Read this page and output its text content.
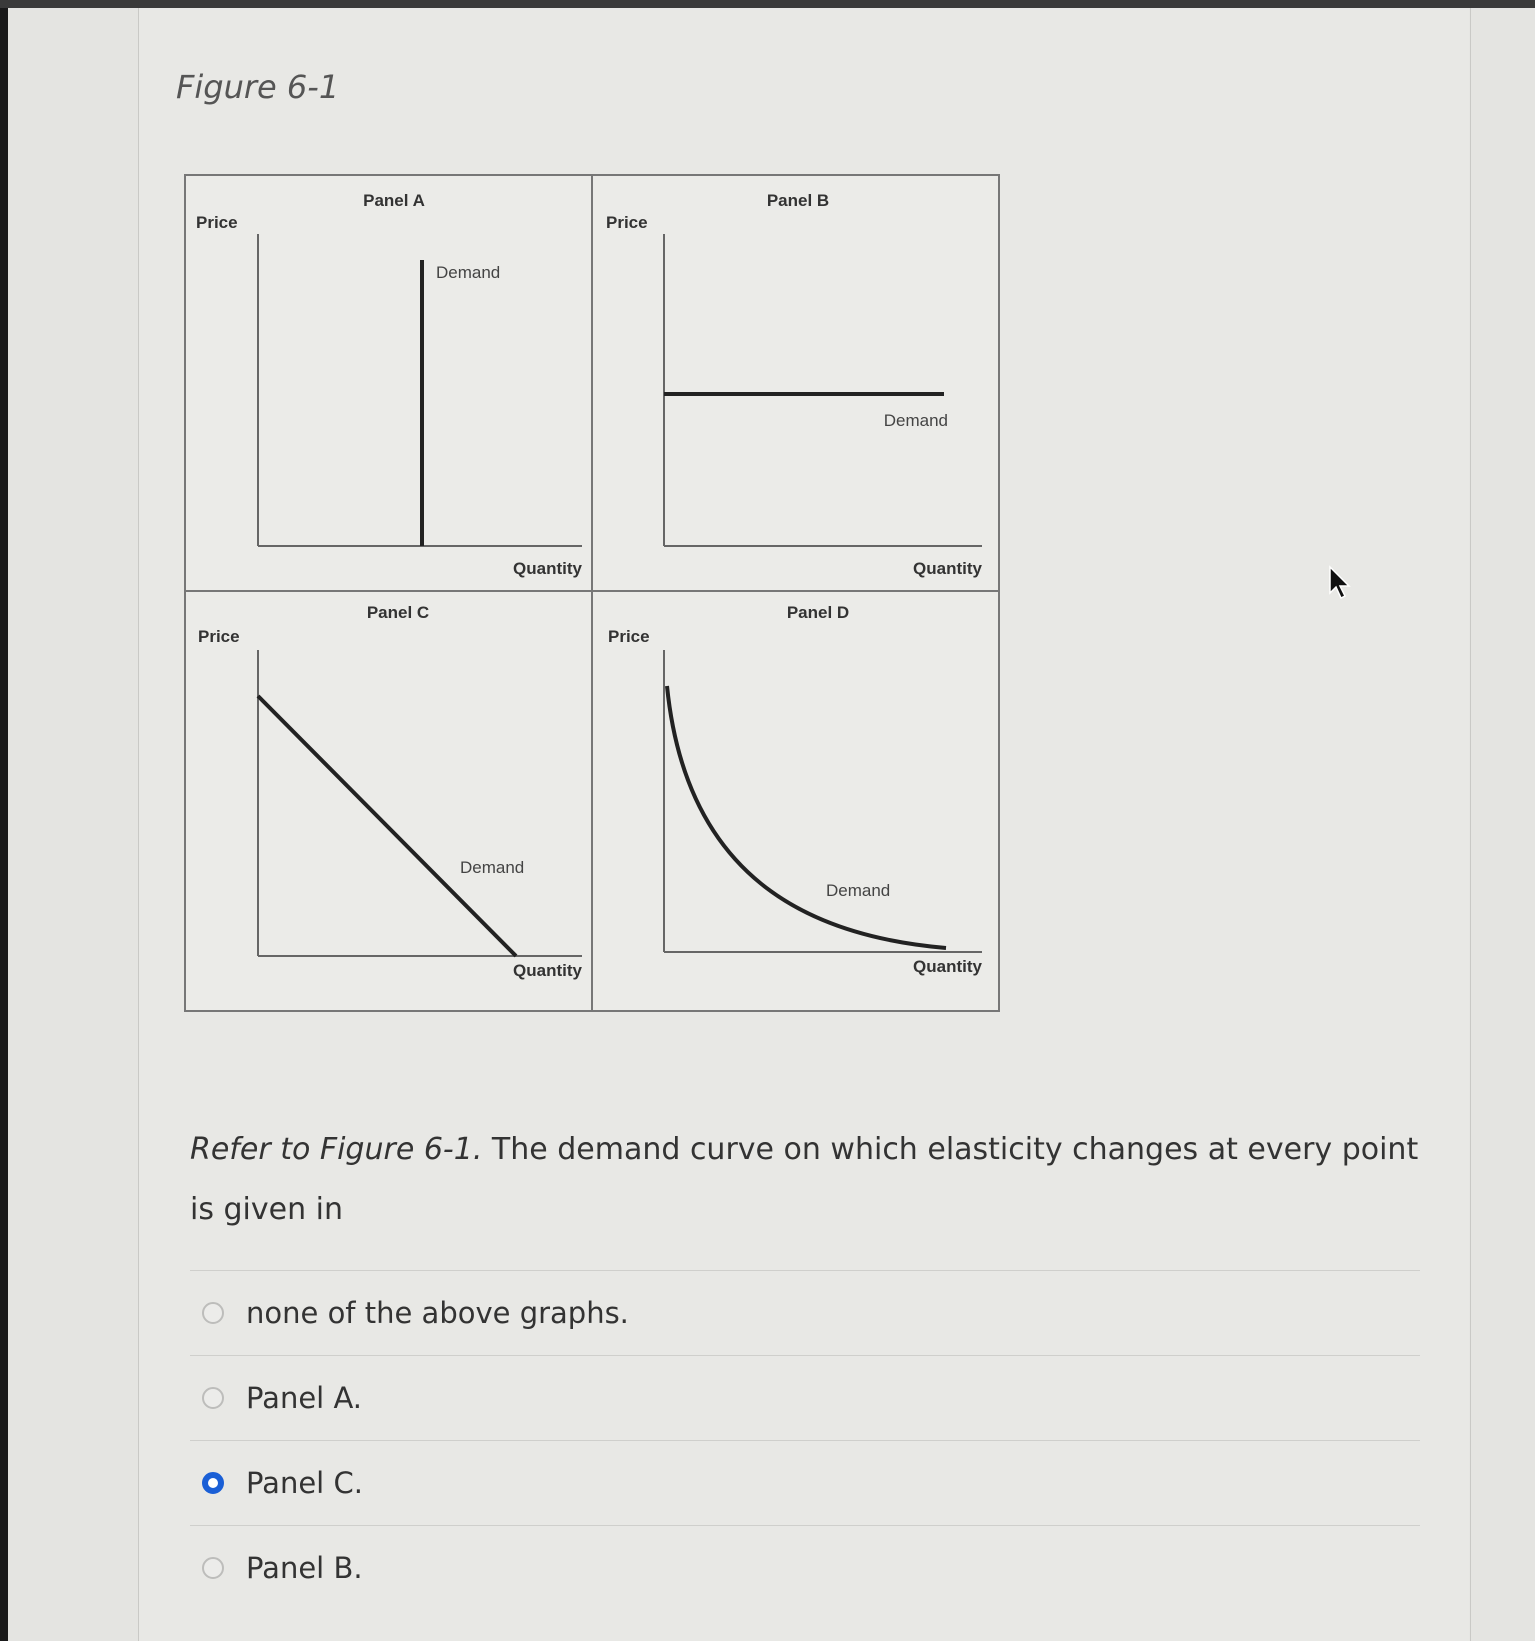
Figure 6-1
Panel A
Price
Demand
Quantity
Panel B
Price
Demand
Quantity
Panel C
Price
Demand
Quantity
Panel D
Price
Demand
Quantity
Refer to Figure 6-1. The demand curve on which elasticity changes at every point is given in
none of the above graphs.
Panel A.
Panel C.
Panel B.
